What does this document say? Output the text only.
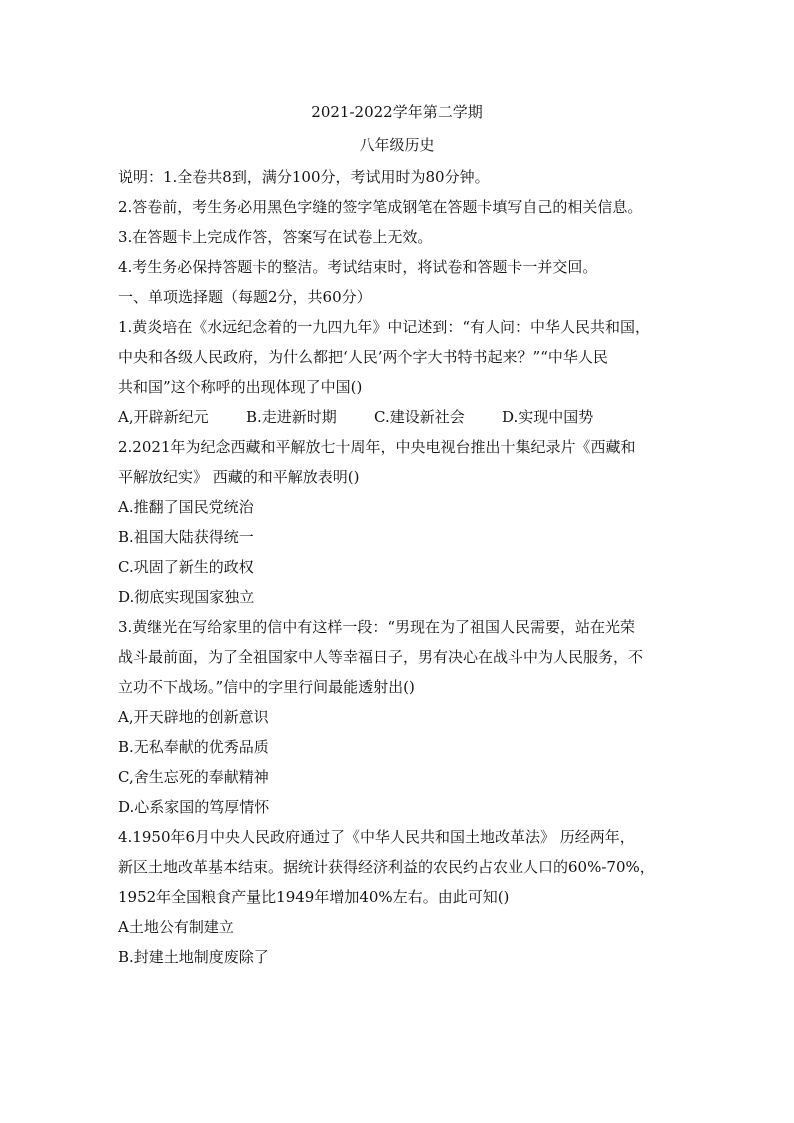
2021-2022学年第二学期

八年级历史

说明：1.全卷共8到，满分100分，考试用时为80分钟。
2.答卷前，考生务必用黑色字缝的签字笔成钢笔在答题卡填写自己的相关信息。
3.在答题卡上完成作答，答案写在试卷上无效。
4.考生务必保持答题卡的整洁。考试结束时，将试卷和答题卡一并交回。
一、单项选择题（每题2分，共60分）
1.黄炎培在《水远纪念着的一九四九年》中记述到：“有人问：中华人民共和国，
中央和各级人民政府，为什么都把‘人民’两个字大书特书起来？”“中华人民
共和国”这个称呼的出现体现了中国()
A,开辟新纪元	B.走进新时期	C.建设新社会	D.实现中国势
2.2021年为纪念西藏和平解放七十周年，中央电视台推出十集纪录片《西藏和
平解放纪实》 西藏的和平解放表明()
A.推翻了国民党统治
B.祖国大陆获得统一
C.巩固了新生的政权
D.彻底实现国家独立
3.黄继光在写给家里的信中有这样一段：“男现在为了祖国人民需要，站在光荣
战斗最前面，为了全祖国家中人等幸福日子，男有决心在战斗中为人民服务，不
立功不下战场。”信中的字里行间最能透射出()
A,开天辟地的创新意识
B.无私奉献的优秀品质
C,舍生忘死的奉献精神
D.心系家国的笃厚情怀
4.1950年6月中央人民政府通过了《中华人民共和国土地改革法》 历经两年，
新区土地改革基本结束。据统计获得经济利益的农民约占农业人口的60%-70%，
1952年全国粮食产量比1949年增加40%左右。由此可知()
A土地公有制建立
B.封建土地制度废除了
